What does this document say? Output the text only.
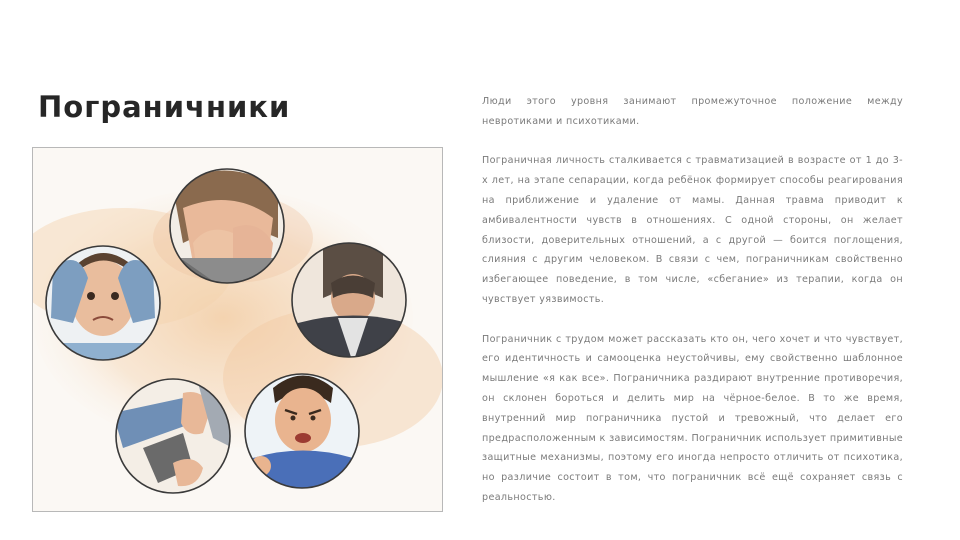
Пограничники	Люди этого уровня занимают промежуточное положение между невротиками и психотиками.

Пограничная личность сталкивается с травматизацией в возрасте от 1 до 3-х лет, на этапе сепарации, когда ребёнок формирует способы реагирования на приближение и удаление от мамы. Данная травма приводит к амбивалентности чувств в отношениях. С одной стороны, он желает близости, доверительных отношений, а с другой — боится поглощения, слияния с другим человеком. В связи с чем, пограничникам свойственно избегающее поведение, в том числе, «сбегание» из терапии, когда он чувствует уязвимость.

Пограничник с трудом может рассказать кто он, чего хочет и что чувствует, его идентичность и самооценка неустойчивы, ему свойственно шаблонное мышление «я как все». Пограничника раздирают внутренние противоречия, он склонен бороться и делить мир на чёрное-белое. В то же время, внутренний мир пограничника пустой и тревожный, что делает его предрасположенным к зависимостям. Пограничник использует примитивные защитные механизмы, поэтому его иногда непросто отличить от психотика, но различие состоит в том, что пограничник всё ещё сохраняет связь с реальностью.
